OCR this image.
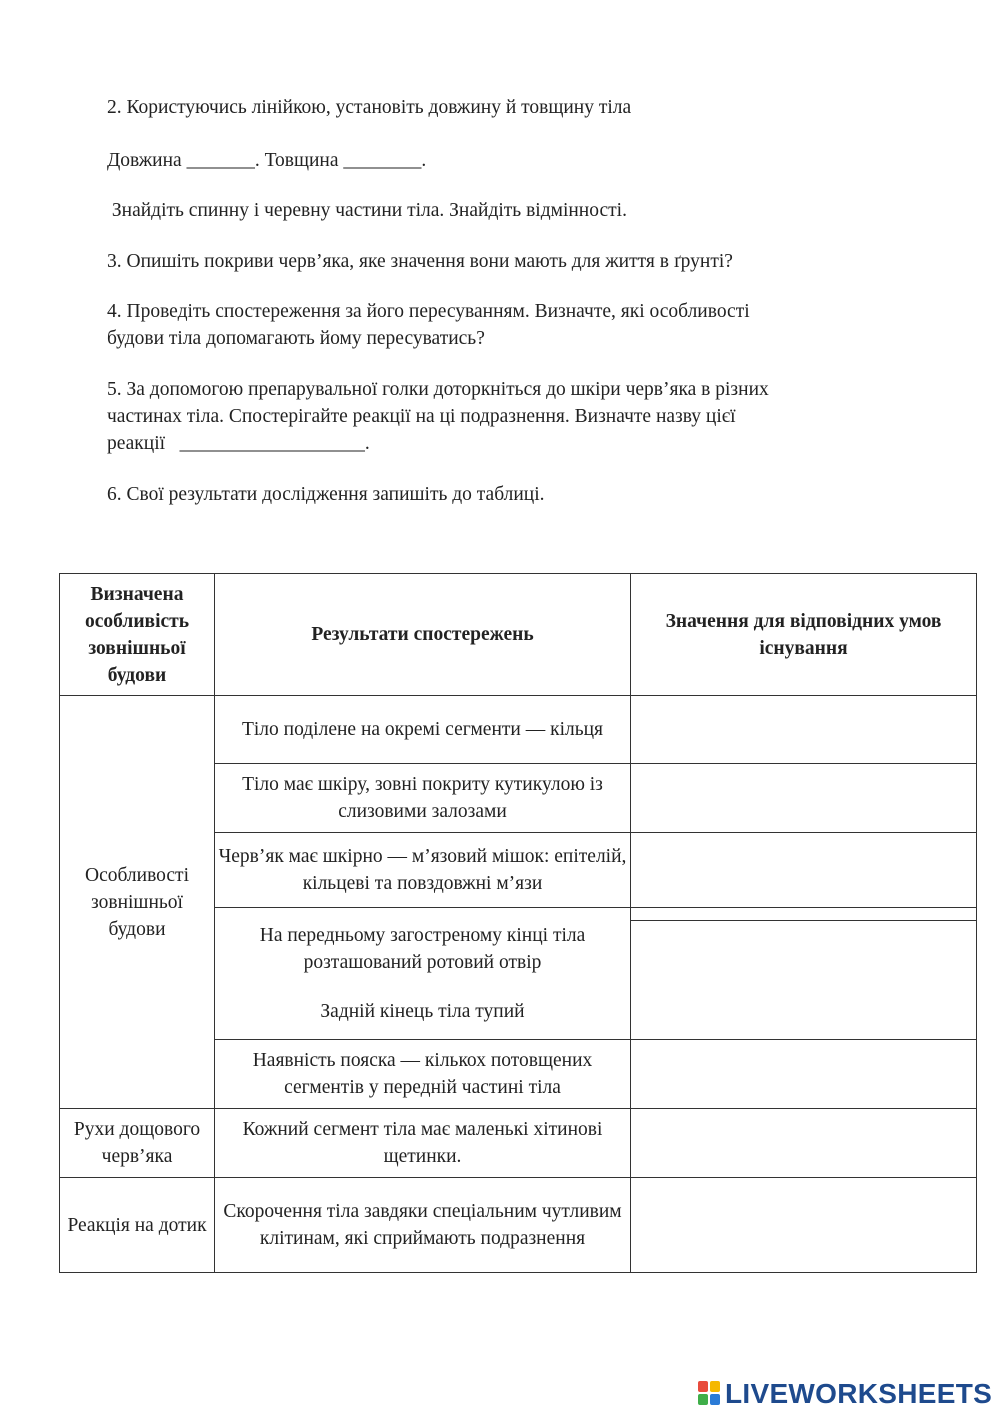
2. Користуючись лінійкою, установіть довжину й товщину тіла

Довжина _______. Товщина ________.

Знайдіть спинну і черевну частини тіла. Знайдіть відмінності.

3. Опишіть покриви черв’яка, яке значення вони мають для життя в ґрунті?

4. Проведіть спостереження за його пересуванням. Визначте, які особливості
будови тіла допомагають йому пересуватись?

5. За допомогою препарувальної голки доторкніться до шкіри черв’яка в різних
частинах тіла. Спостерігайте реакції на ці подразнення. Визначте назву цієї
реакції   ___________________.

6. Свої результати дослідження запишіть до таблиці.

Визначена особливість зовнішньої будови	Результати спостережень	Значення для відповідних умов існування
Особливості зовнішньої будови	Тіло поділене на окремі сегменти — кільця	
	Тіло має шкіру, зовні покриту кутикулою із слизовими залозами	
	Черв’як має шкірно — м’язовий мішок: епітелій, кільцеві та повздовжні м’язи	
	На передньому загостреному кінці тіла розташований ротовий отвір
Задній кінець тіла тупий	

	Наявність пояска — кількох потовщених сегментів у передній частині тіла	
Рухи дощового черв’яка	Кожний сегмент тіла має маленькі хітинові щетинки.	
Реакція на дотик	Скорочення тіла завдяки спеціальним чутливим клітинам, які сприймають подразнення	
LIVEWORKSHEETS
